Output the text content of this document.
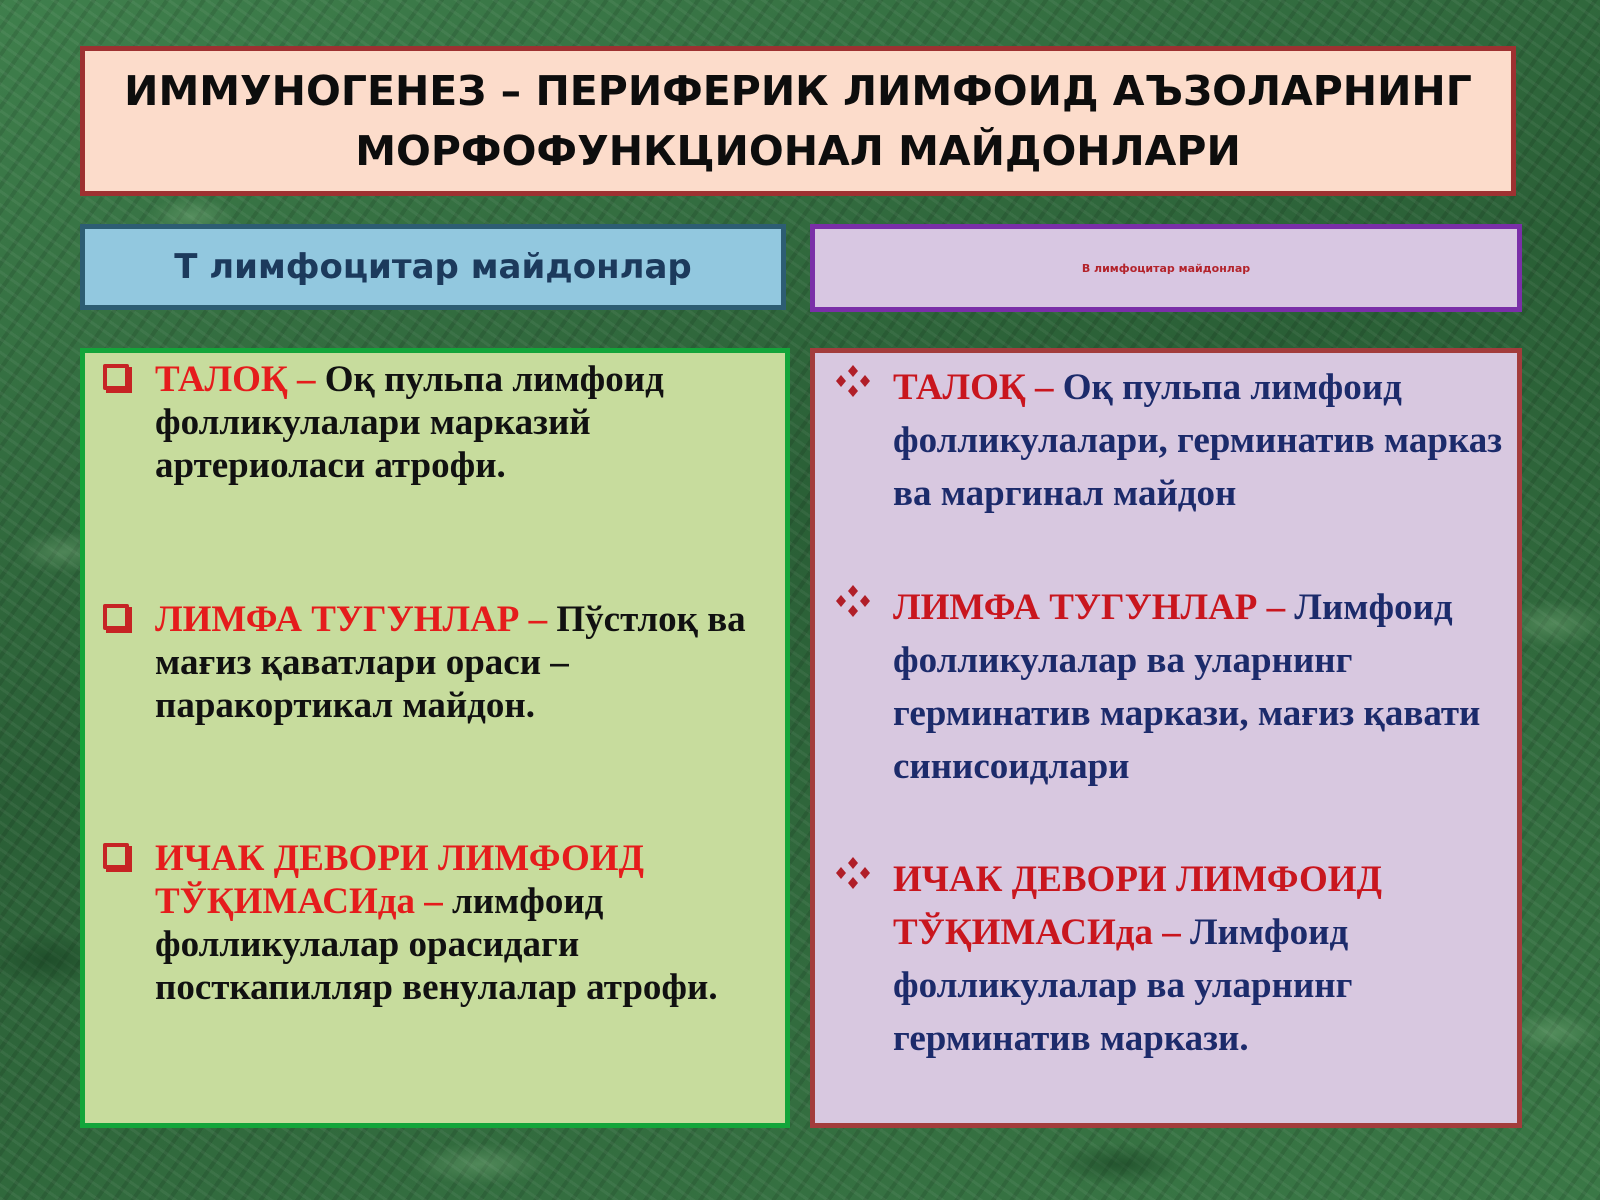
ИММУНОГЕНЕЗ – ПЕРИФЕРИК ЛИМФОИД АЪЗОЛАРНИНГ
МОРФОФУНКЦИОНАЛ МАЙДОНЛАРИ
Т лимфоцитар майдонлар	В лимфоцитар майдонлар
ТАЛОҚ – Оқ пульпа лимфоид фолликулалари марказий артериоласи атрофи.
ЛИМФА ТУГУНЛАР – Пўстлоқ ва мағиз қаватлари ораси – паракортикал майдон.
ИЧАК ДЕВОРИ ЛИМФОИД ТЎҚИМАСИда – лимфоид фолликулалар орасидаги посткапилляр венулалар атрофи.
ТАЛОҚ – Оқ пульпа лимфоид фолликулалари, герминатив марказ ва маргинал майдон
ЛИМФА ТУГУНЛАР – Лимфоид фолликулалар ва уларнинг герминатив маркази, мағиз қавати синисоидлари
ИЧАК ДЕВОРИ ЛИМФОИД ТЎҚИМАСИда – Лимфоид фолликулалар ва уларнинг герминатив маркази.
